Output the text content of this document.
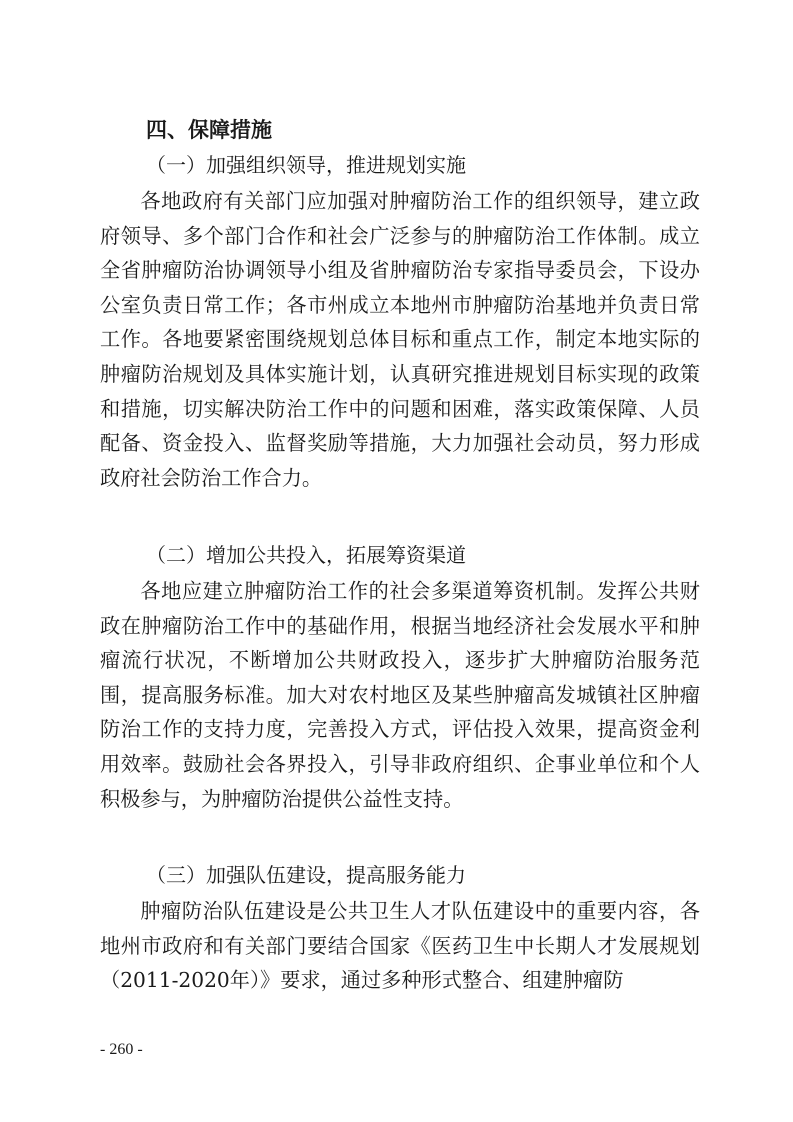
四、保障措施
（一）加强组织领导，推进规划实施

各地政府有关部门应加强对肿瘤防治工作的组织领导，建立政府领导、多个部门合作和社会广泛参与的肿瘤防治工作体制。成立全省肿瘤防治协调领导小组及省肿瘤防治专家指导委员会，下设办公室负责日常工作；各市州成立本地州市肿瘤防治基地并负责日常工作。各地要紧密围绕规划总体目标和重点工作，制定本地实际的肿瘤防治规划及具体实施计划，认真研究推进规划目标实现的政策和措施，切实解决防治工作中的问题和困难，落实政策保障、人员配备、资金投入、监督奖励等措施，大力加强社会动员，努力形成政府社会防治工作合力。

（二）增加公共投入，拓展筹资渠道

各地应建立肿瘤防治工作的社会多渠道筹资机制。发挥公共财政在肿瘤防治工作中的基础作用，根据当地经济社会发展水平和肿瘤流行状况，不断增加公共财政投入，逐步扩大肿瘤防治服务范围，提高服务标准。加大对农村地区及某些肿瘤高发城镇社区肿瘤防治工作的支持力度，完善投入方式，评估投入效果，提高资金利用效率。鼓励社会各界投入，引导非政府组织、企事业单位和个人积极参与，为肿瘤防治提供公益性支持。

（三）加强队伍建设，提高服务能力

肿瘤防治队伍建设是公共卫生人才队伍建设中的重要内容，各地州市政府和有关部门要结合国家《医药卫生中长期人才发展规划（2011-2020年）》要求，通过多种形式整合、组建肿瘤防

- 260 -
